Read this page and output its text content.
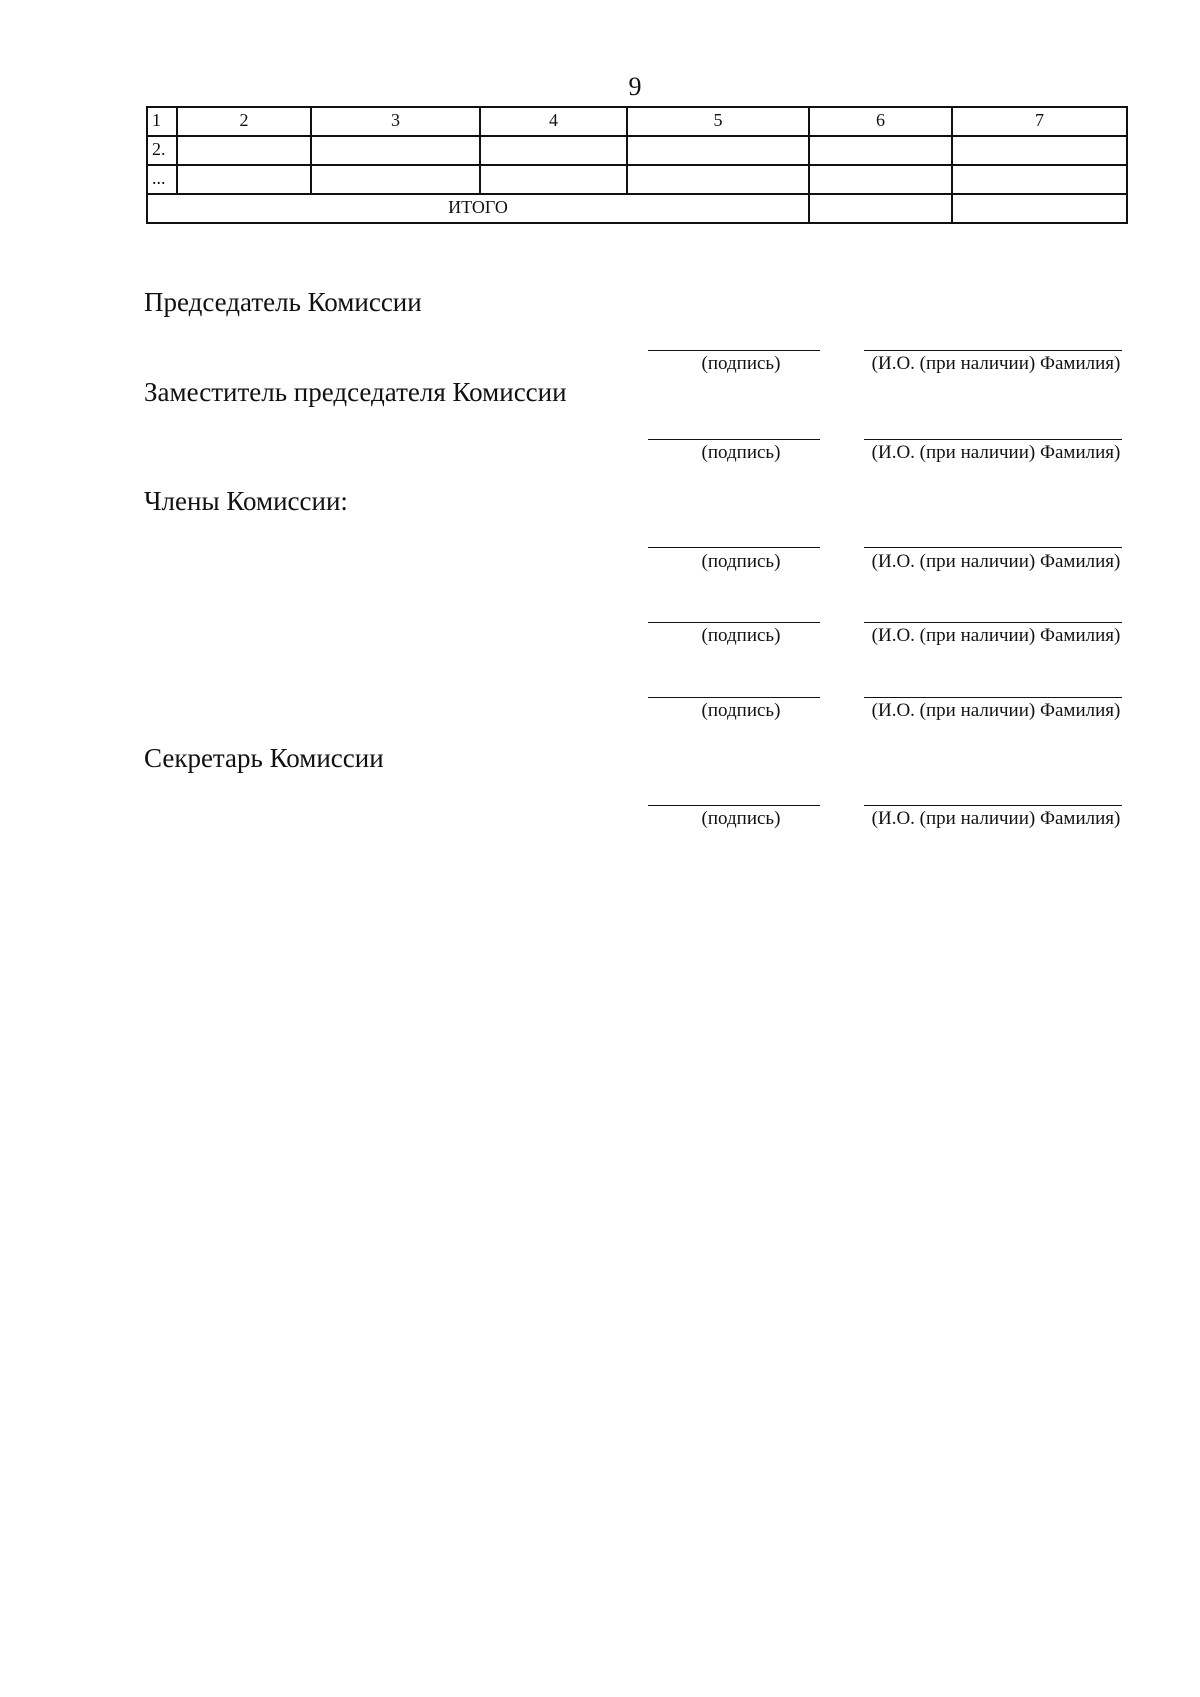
9
1	2	3	4	5	6	7
2.						
...						
ИТОГО						
Председатель Комиссии
(подпись)	(И.О. (при наличии) Фамилия)
Заместитель председателя Комиссии
(подпись)	(И.О. (при наличии) Фамилия)
Члены Комиссии:
(подпись)	(И.О. (при наличии) Фамилия)
(подпись)	(И.О. (при наличии) Фамилия)
(подпись)	(И.О. (при наличии) Фамилия)
Секретарь Комиссии
(подпись)	(И.О. (при наличии) Фамилия)
